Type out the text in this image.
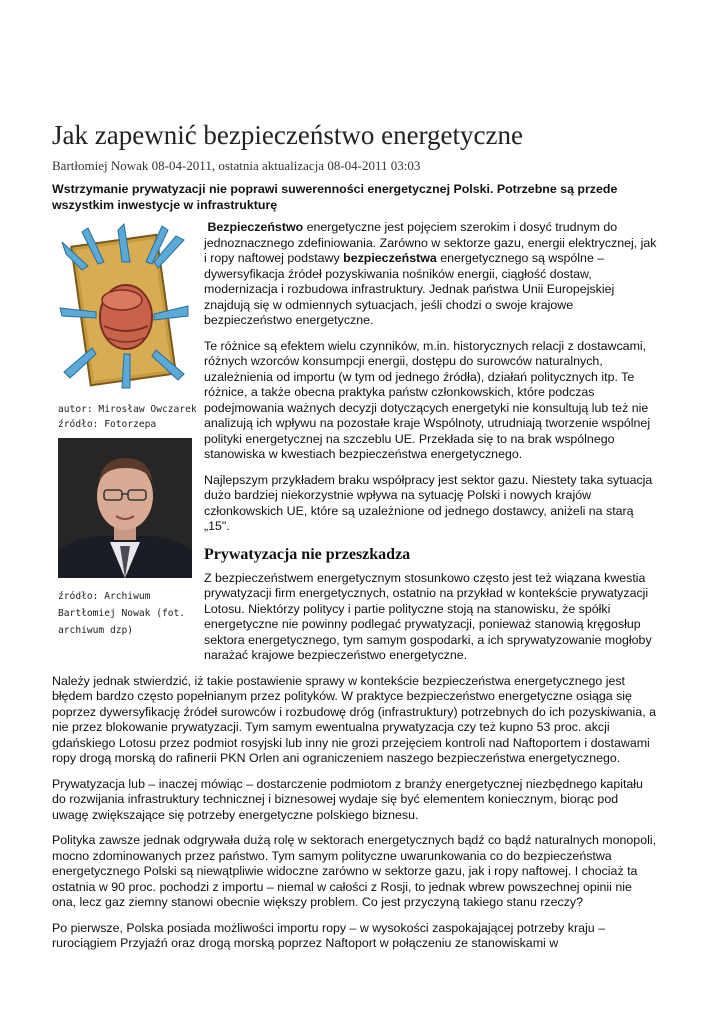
Jak zapewnić bezpieczeństwo energetyczne
Bartłomiej Nowak 08-04-2011, ostatnia aktualizacja 08-04-2011 03:03

Wstrzymanie prywatyzacji nie poprawi suwerenności energetycznej Polski. Potrzebne są przede wszystkim inwestycje w infrastrukturę

autor: Mirosław Owczarek
źródło: Fotorzepa
źródło: Archiwum
Bartłomiej Nowak (fot. archiwum dzp)

Bezpieczeństwo energetyczne jest pojęciem szerokim i dosyć trudnym do jednoznacznego zdefiniowania. Zarówno w sektorze gazu, energii elektrycznej, jak i ropy naftowej podstawy bezpieczeństwa energetycznego są wspólne – dywersyfikacja źródeł pozyskiwania nośników energii, ciągłość dostaw, modernizacja i rozbudowa infrastruktury. Jednak państwa Unii Europejskiej znajdują się w odmiennych sytuacjach, jeśli chodzi o swoje krajowe bezpieczeństwo energetyczne.

Te różnice są efektem wielu czynników, m.in. historycznych relacji z dostawcami, różnych wzorców konsumpcji energii, dostępu do surowców naturalnych, uzależnienia od importu (w tym od jednego źródła), działań politycznych itp. Te różnice, a także obecna praktyka państw członkowskich, które podczas podejmowania ważnych decyzji dotyczących energetyki nie konsultują lub też nie analizują ich wpływu na pozostałe kraje Wspólnoty, utrudniają tworzenie wspólnej polityki energetycznej na szczeblu UE. Przekłada się to na brak wspólnego stanowiska w kwestiach bezpieczeństwa energetycznego.

Najlepszym przykładem braku współpracy jest sektor gazu. Niestety taka sytuacja dużo bardziej niekorzystnie wpływa na sytuację Polski i nowych krajów członkowskich UE, które są uzależnione od jednego dostawcy, aniżeli na starą „15".

Prywatyzacja nie przeszkadza

Z bezpieczeństwem energetycznym stosunkowo często jest też wiązana kwestia prywatyzacji firm energetycznych, ostatnio na przykład w kontekście prywatyzacji Lotosu. Niektórzy politycy i partie polityczne stoją na stanowisku, że spółki energetyczne nie powinny podlegać prywatyzacji, ponieważ stanowią kręgosłup sektora energetycznego, tym samym gospodarki, a ich sprywatyzowanie mogłoby narażać krajowe bezpieczeństwo energetyczne.

Należy jednak stwierdzić, iż takie postawienie sprawy w kontekście bezpieczeństwa energetycznego jest błędem bardzo często popełnianym przez polityków. W praktyce bezpieczeństwo energetyczne osiąga się poprzez dywersyfikację źródeł surowców i rozbudowę dróg (infrastruktury) potrzebnych do ich pozyskiwania, a nie przez blokowanie prywatyzacji. Tym samym ewentualna prywatyzacja czy też kupno 53 proc. akcji gdańskiego Lotosu przez podmiot rosyjski lub inny nie grozi przejęciem kontroli nad Naftoportem i dostawami ropy drogą morską do rafinerii PKN Orlen ani ograniczeniem naszego bezpieczeństwa energetycznego.

Prywatyzacja lub – inaczej mówiąc – dostarczenie podmiotom z branży energetycznej niezbędnego kapitału do rozwijania infrastruktury technicznej i biznesowej wydaje się być elementem koniecznym, biorąc pod uwagę zwiększające się potrzeby energetyczne polskiego biznesu.

Polityka zawsze jednak odgrywała dużą rolę w sektorach energetycznych bądź co bądź naturalnych monopoli, mocno zdominowanych przez państwo. Tym samym polityczne uwarunkowania co do bezpieczeństwa energetycznego Polski są niewątpliwie widoczne zarówno w sektorze gazu, jak i ropy naftowej. I chociaż ta ostatnia w 90 proc. pochodzi z importu – niemal w całości z Rosji, to jednak wbrew powszechnej opinii nie ona, lecz gaz ziemny stanowi obecnie większy problem. Co jest przyczyną takiego stanu rzeczy?

Po pierwsze, Polska posiada możliwości importu ropy – w wysokości zaspokajającej potrzeby kraju – rurociągiem Przyjaźń oraz drogą morską poprzez Naftoport w połączeniu ze stanowiskami w
